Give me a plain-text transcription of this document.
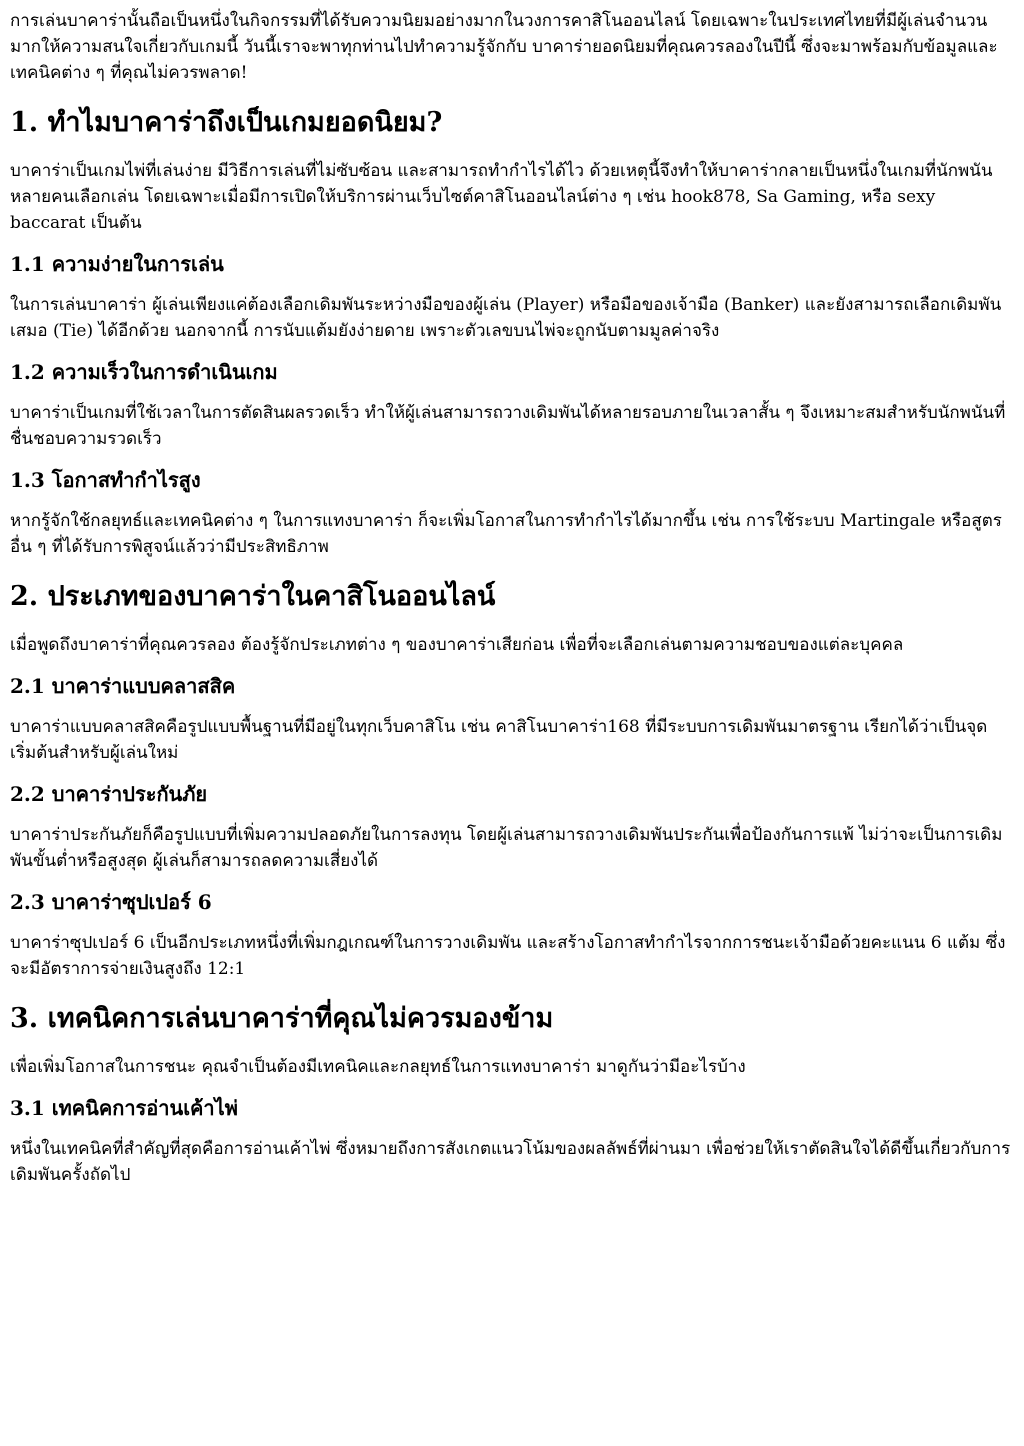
การเล่นบาคาร่านั้นถือเป็นหนึ่งในกิจกรรมที่ได้รับความนิยมอย่างมากในวงการคาสิโนออนไลน์ โดยเฉพาะในประเทศไทยที่มีผู้เล่นจำนวนมากให้ความสนใจเกี่ยวกับเกมนี้ วันนี้เราจะพาทุกท่านไปทำความรู้จักกับ บาคาร่ายอดนิยมที่คุณควรลองในปีนี้ ซึ่งจะมาพร้อมกับข้อมูลและเทคนิคต่าง ๆ ที่คุณไม่ควรพลาด!

1. ทำไมบาคาร่าถึงเป็นเกมยอดนิยม?

บาคาร่าเป็นเกมไพ่ที่เล่นง่าย มีวิธีการเล่นที่ไม่ซับซ้อน และสามารถทำกำไรได้ไว ด้วยเหตุนี้จึงทำให้บาคาร่ากลายเป็นหนึ่งในเกมที่นักพนันหลายคนเลือกเล่น โดยเฉพาะเมื่อมีการเปิดให้บริการผ่านเว็บไซต์คาสิโนออนไลน์ต่าง ๆ เช่น hook878, Sa Gaming, หรือ sexy baccarat เป็นต้น

1.1 ความง่ายในการเล่น

ในการเล่นบาคาร่า ผู้เล่นเพียงแค่ต้องเลือกเดิมพันระหว่างมือของผู้เล่น (Player) หรือมือของเจ้ามือ (Banker) และยังสามารถเลือกเดิมพันเสมอ (Tie) ได้อีกด้วย นอกจากนี้ การนับแต้มยังง่ายดาย เพราะตัวเลขบนไพ่จะถูกนับตามมูลค่าจริง

1.2 ความเร็วในการดำเนินเกม

บาคาร่าเป็นเกมที่ใช้เวลาในการตัดสินผลรวดเร็ว ทำให้ผู้เล่นสามารถวางเดิมพันได้หลายรอบภายในเวลาสั้น ๆ จึงเหมาะสมสำหรับนักพนันที่ชื่นชอบความรวดเร็ว

1.3 โอกาสทำกำไรสูง

หากรู้จักใช้กลยุทธ์และเทคนิคต่าง ๆ ในการแทงบาคาร่า ก็จะเพิ่มโอกาสในการทำกำไรได้มากขึ้น เช่น การใช้ระบบ Martingale หรือสูตรอื่น ๆ ที่ได้รับการพิสูจน์แล้วว่ามีประสิทธิภาพ

2. ประเภทของบาคาร่าในคาสิโนออนไลน์

เมื่อพูดถึงบาคาร่าที่คุณควรลอง ต้องรู้จักประเภทต่าง ๆ ของบาคาร่าเสียก่อน เพื่อที่จะเลือกเล่นตามความชอบของแต่ละบุคคล

2.1 บาคาร่าแบบคลาสสิค

บาคาร่าแบบคลาสสิคคือรูปแบบพื้นฐานที่มีอยู่ในทุกเว็บคาสิโน เช่น คาสิโนบาคาร่า168 ที่มีระบบการเดิมพันมาตรฐาน เรียกได้ว่าเป็นจุดเริ่มต้นสำหรับผู้เล่นใหม่

2.2 บาคาร่าประกันภัย

บาคาร่าประกันภัยก็คือรูปแบบที่เพิ่มความปลอดภัยในการลงทุน โดยผู้เล่นสามารถวางเดิมพันประกันเพื่อป้องกันการแพ้ ไม่ว่าจะเป็นการเดิมพันขั้นต่ำหรือสูงสุด ผู้เล่นก็สามารถลดความเสี่ยงได้

2.3 บาคาร่าซุปเปอร์ 6

บาคาร่าซุปเปอร์ 6 เป็นอีกประเภทหนึ่งที่เพิ่มกฎเกณฑ์ในการวางเดิมพัน และสร้างโอกาสทำกำไรจากการชนะเจ้ามือด้วยคะแนน 6 แต้ม ซึ่งจะมีอัตราการจ่ายเงินสูงถึง 12:1

3. เทคนิคการเล่นบาคาร่าที่คุณไม่ควรมองข้าม

เพื่อเพิ่มโอกาสในการชนะ คุณจำเป็นต้องมีเทคนิคและกลยุทธ์ในการแทงบาคาร่า มาดูกันว่ามีอะไรบ้าง

3.1 เทคนิคการอ่านเค้าไพ่

หนึ่งในเทคนิคที่สำคัญที่สุดคือการอ่านเค้าไพ่ ซึ่งหมายถึงการสังเกตแนวโน้มของผลลัพธ์ที่ผ่านมา เพื่อช่วยให้เราตัดสินใจได้ดีขึ้นเกี่ยวกับการเดิมพันครั้งถัดไป
